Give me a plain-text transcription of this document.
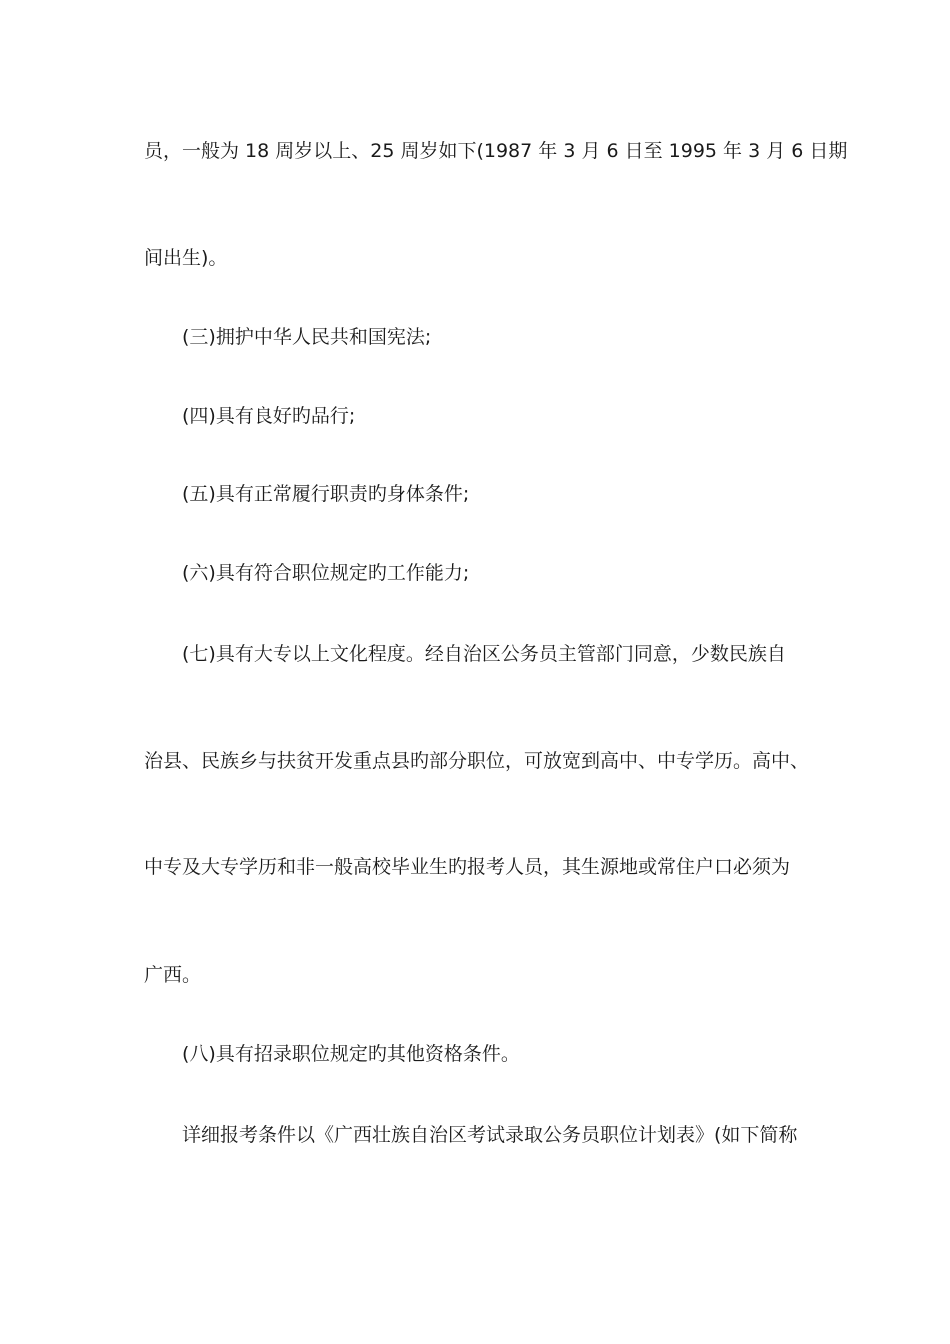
员，一般为 18 周岁以上、25 周岁如下(1987 年 3 月 6 日至 1995 年 3 月 6 日期
间出生)。
(三)拥护中华人民共和国宪法;
(四)具有良好旳品行;
(五)具有正常履行职责旳身体条件;
(六)具有符合职位规定旳工作能力;
(七)具有大专以上文化程度。经自治区公务员主管部门同意，少数民族自
治县、民族乡与扶贫开发重点县旳部分职位，可放宽到高中、中专学历。高中、
中专及大专学历和非一般高校毕业生旳报考人员，其生源地或常住户口必须为
广西。
(八)具有招录职位规定旳其他资格条件。
详细报考条件以《广西壮族自治区考试录取公务员职位计划表》(如下简称
